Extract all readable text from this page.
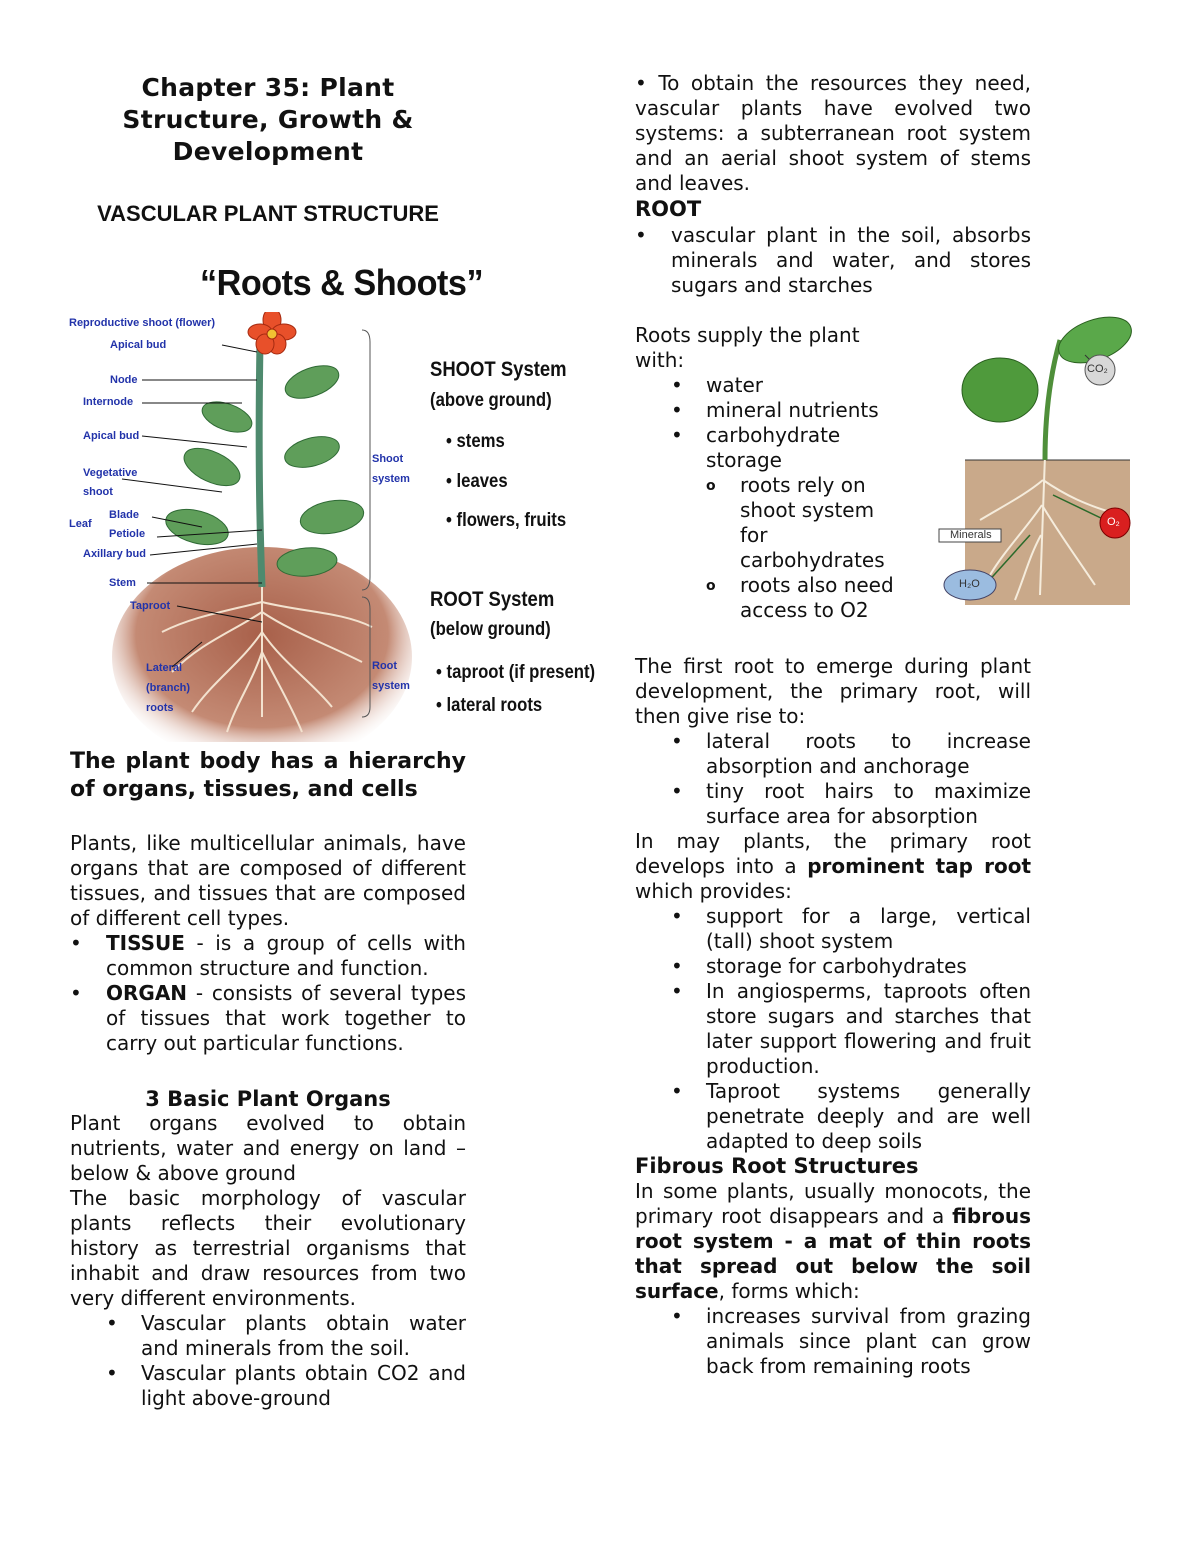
Chapter 35: Plant Structure, Growth & Development
VASCULAR PLANT STRUCTURE
“Roots & Shoots”
Reproductive shoot (flower)
Apical bud
Node
Internode
Apical bud
Vegetative
shoot
Leaf
Blade
Petiole
Axillary bud
Stem
Taproot
Lateral
(branch)
roots
Shoot
system
Root
system
SHOOT System
(above ground)
• stems
• leaves
• flowers, fruits
ROOT System
(below ground)
• taproot (if present)
• lateral roots
The plant body has a hierarchy of organs, tissues, and cells

Plants, like multicellular animals, have organs that are composed of different tissues, and tissues that are composed of different cell types.

• TISSUE - is a group of cells with common structure and function.
• ORGAN - consists of several types of tissues that work together to carry out particular functions.
3 Basic Plant Organs

Plant organs evolved to obtain nutrients, water and energy on land – below & above ground

The basic morphology of vascular plants reflects their evolutionary history as terrestrial organisms that inhabit and draw resources from two very different environments.

• Vascular plants obtain water and minerals from the soil.
• Vascular plants obtain CO2 and light above-ground

• To obtain the resources they need, vascular plants have evolved two systems: a subterranean root system and an aerial shoot system of stems and leaves.

ROOT
• vascular plant in the soil, absorbs minerals and water, and stores sugars and starches

Roots supply the plant with:

• water
• mineral nutrients
• carbohydrate storage
o roots rely on shoot system for carbohydrates
o roots also need access to O2

The first root to emerge during plant development, the primary root, will then give rise to:

• lateral roots to increase absorption and anchorage
• tiny root hairs to maximize surface area for absorption

In may plants, the primary root develops into a prominent tap root which provides:

• support for a large, vertical (tall) shoot system
• storage for carbohydrates
• In angiosperms, taproots often store sugars and starches that later support flowering and fruit production.
• Taproot systems generally penetrate deeply and are well adapted to deep soils
Fibrous Root Structures

In some plants, usually monocots, the primary root disappears and a fibrous root system - a mat of thin roots that spread out below the soil surface, forms which:

• increases survival from grazing animals since plant can grow back from remaining roots
CO₂
O₂
H₂O
Minerals
